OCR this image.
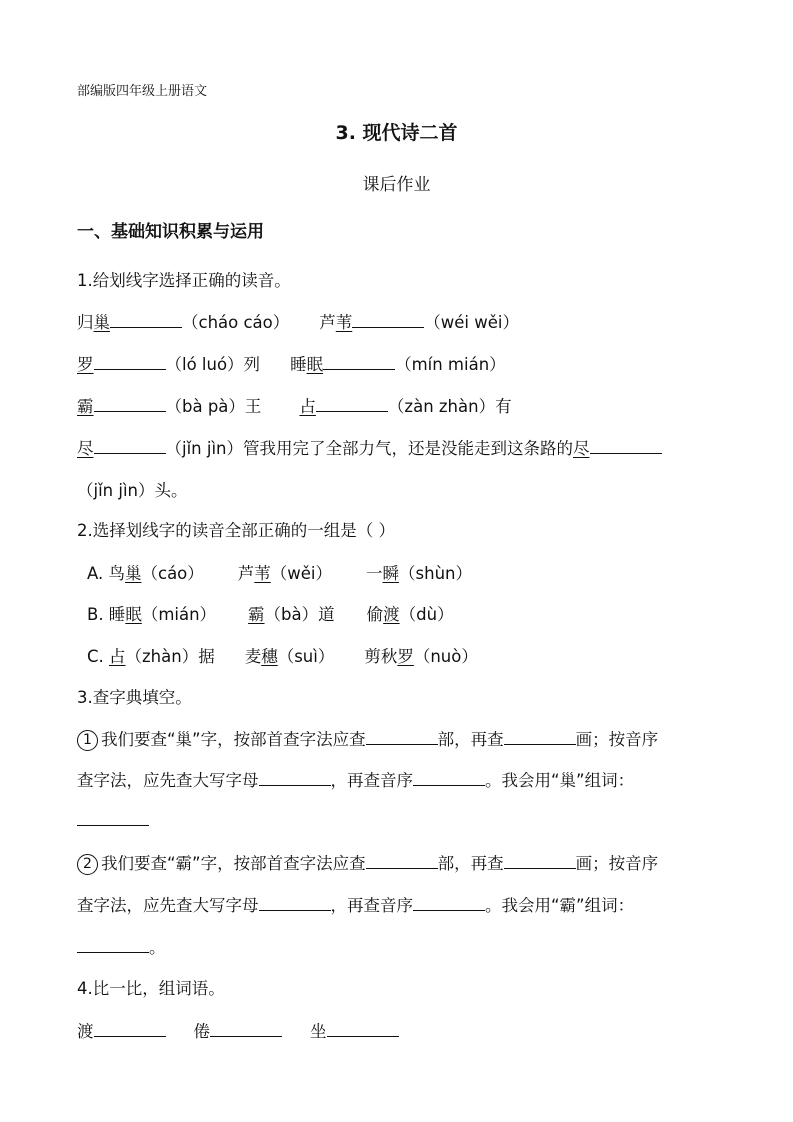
部编版四年级上册语文
3. 现代诗二首
课后作业
一、基础知识积累与运用
1.给划线字选择正确的读音。
归巢	（cháo cáo） 芦苇	（wéi wěi）
罗	（ló luó）列 睡眠	（mín mián）
霸	（bà pà）王 占	（zàn zhàn）有
尽	（jǐn jìn）管我用完了全部力气，还是没能走到这条路的尽
（jǐn jìn）头。
2.选择划线字的读音全部正确的一组是（ ）
A. 鸟巢（cáo） 芦苇（wěi） 一瞬（shùn）
B. 睡眠（mián） 霸（bà）道 偷渡（dù）
C. 占（zhàn）据 麦穗（suì） 剪秋罗（nuò）
3.查字典填空。
1 我们要查“巢”字，按部首查字法应查	部，再查	画；按音序
查字法，应先查大写字母	，再查音序	。我会用“巢”组词：
2 我们要查“霸”字，按部首查字法应查	部，再查	画；按音序
查字法，应先查大写字母	，再查音序	。我会用“霸”组词：
。
4.比一比，组词语。
渡	倦	坐
